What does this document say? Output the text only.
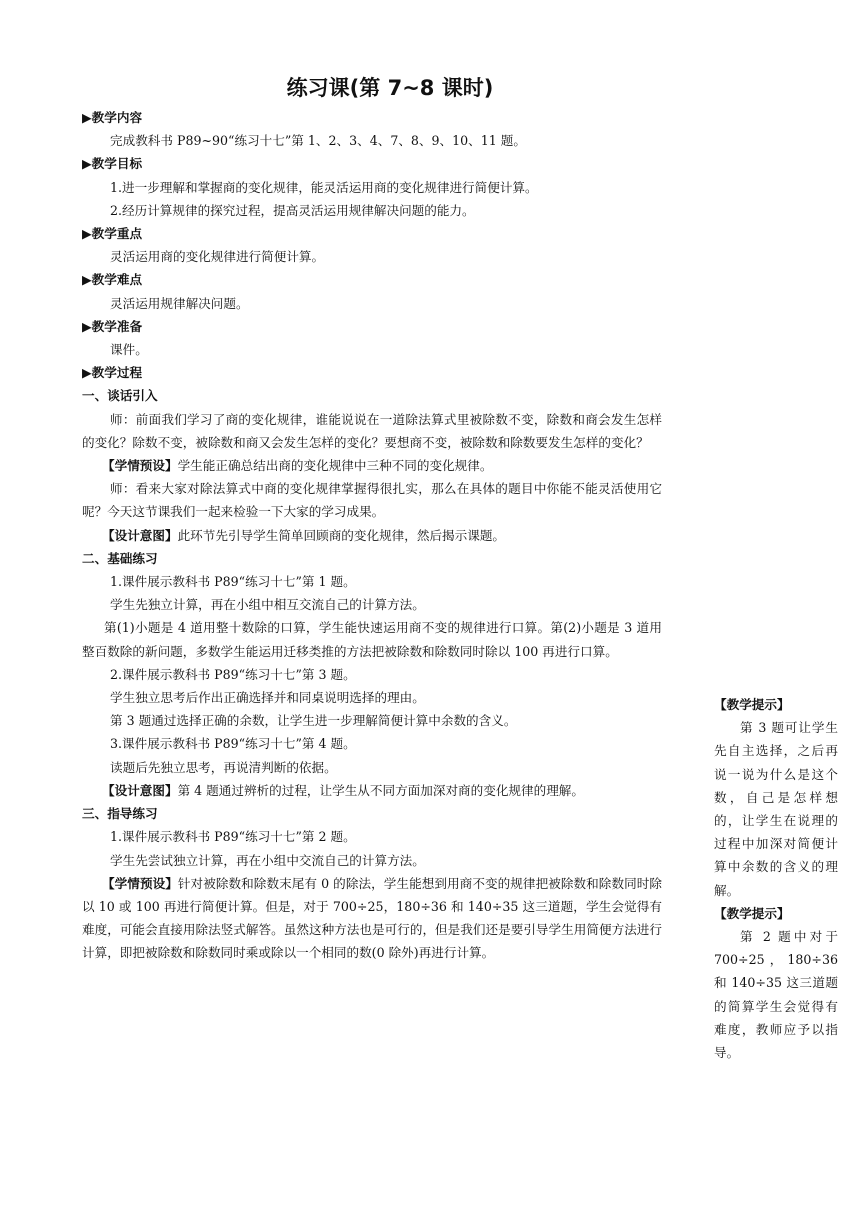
练习课(第 7~8 课时)

▶教学内容

完成教科书 P89~90“练习十七”第 1、2、3、4、7、8、9、10、11 题。

▶教学目标

1.进一步理解和掌握商的变化规律，能灵活运用商的变化规律进行简便计算。

2.经历计算规律的探究过程，提高灵活运用规律解决问题的能力。

▶教学重点

灵活运用商的变化规律进行简便计算。

▶教学难点

灵活运用规律解决问题。

▶教学准备

课件。

▶教学过程

一、谈话引入

师：前面我们学习了商的变化规律，谁能说说在一道除法算式里被除数不变，除数和商会发生怎样的变化？除数不变，被除数和商又会发生怎样的变化？要想商不变，被除数和除数要发生怎样的变化？

【学情预设】学生能正确总结出商的变化规律中三种不同的变化规律。

师：看来大家对除法算式中商的变化规律掌握得很扎实，那么在具体的题目中你能不能灵活使用它呢？今天这节课我们一起来检验一下大家的学习成果。

【设计意图】此环节先引导学生简单回顾商的变化规律，然后揭示课题。

二、基础练习

1.课件展示教科书 P89“练习十七”第 1 题。

学生先独立计算，再在小组中相互交流自己的计算方法。

第(1)小题是 4 道用整十数除的口算，学生能快速运用商不变的规律进行口算。第(2)小题是 3 道用整百数除的新问题，多数学生能运用迁移类推的方法把被除数和除数同时除以 100 再进行口算。

2.课件展示教科书 P89“练习十七”第 3 题。

学生独立思考后作出正确选择并和同桌说明选择的理由。

第 3 题通过选择正确的余数，让学生进一步理解简便计算中余数的含义。

3.课件展示教科书 P89“练习十七”第 4 题。

读题后先独立思考，再说清判断的依据。

【设计意图】第 4 题通过辨析的过程，让学生从不同方面加深对商的变化规律的理解。

三、指导练习

1.课件展示教科书 P89“练习十七”第 2 题。

学生先尝试独立计算，再在小组中交流自己的计算方法。

【学情预设】针对被除数和除数末尾有 0 的除法，学生能想到用商不变的规律把被除数和除数同时除以 10 或 100 再进行简便计算。但是，对于 700÷25，180÷36 和 140÷35 这三道题，学生会觉得有难度，可能会直接用除法竖式解答。虽然这种方法也是可行的，但是我们还是要引导学生用简便方法进行计算，即把被除数和除数同时乘或除以一个相同的数(0 除外)再进行计算。

【教学提示】

第 3 题可让学生先自主选择，之后再说一说为什么是这个数，自己是怎样想的，让学生在说理的过程中加深对简便计算中余数的含义的理解。

【教学提示】

第 2 题中对于 700÷25，180÷36 和 140÷35 这三道题的简算学生会觉得有难度，教师应予以指导。
